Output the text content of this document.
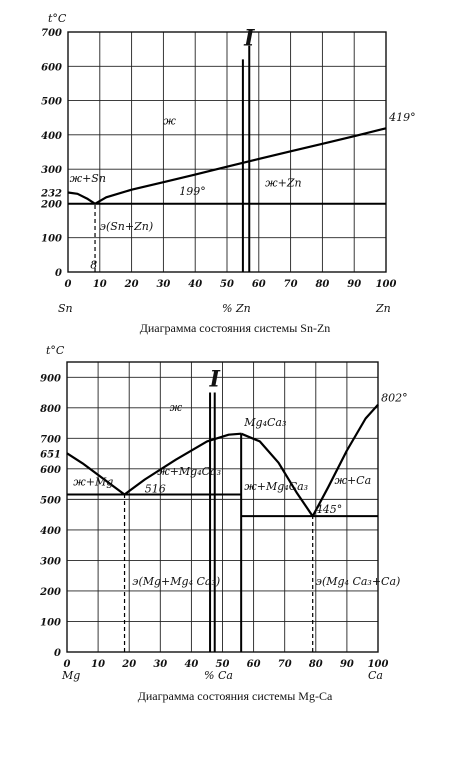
t°C
Sn	% Zn	Zn
Диаграмма состояния системы Sn-Zn
0 10 20 30 40 50 60 70 80 90 100
0
100
200
232
300
400
500
600
700	I
ж
ж+Sn	ж+Zn
199°
419°
э(Sn+Zn)
8
t°C
Mg	% Ca	Ca
Диаграмма состояния системы Mg-Ca
0 10 20 30 40 50 60 70 80 90 100
0
100
200
300
400
500
600
651
700
800
900	I
ж
ж+Mg
516
ж+Mg₄Ca₃
Mg₄Ca₃
ж+Mg₄Ca₃ ж+Ca
445°
802°
э(Mg+Mg₄ Ca₃)	э(Mg₄ Ca₃+Ca)
